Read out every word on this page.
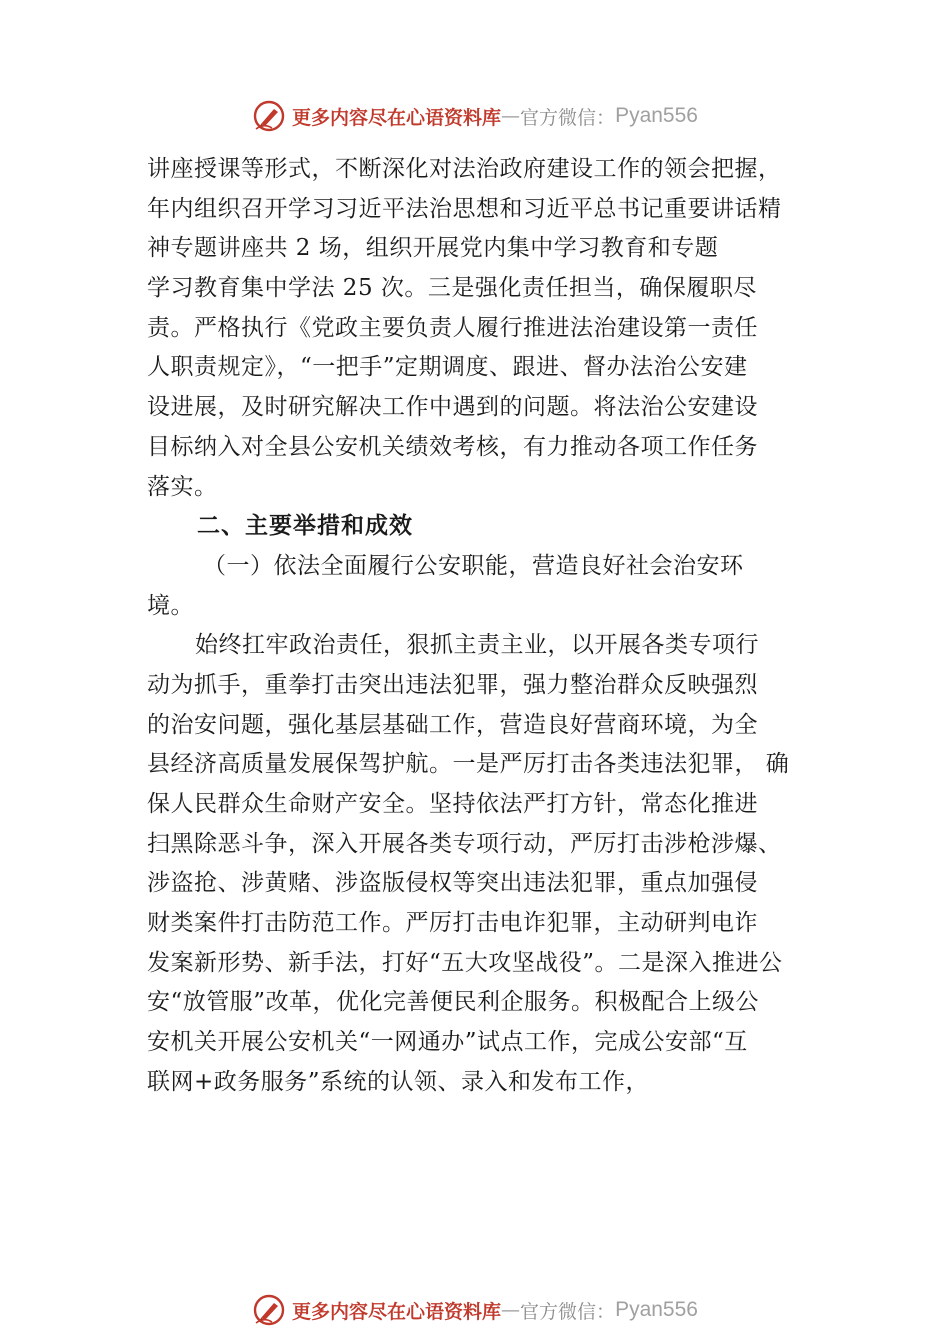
更多内容尽在心语资料库 — 官方微信： Pyan556
讲座授课等形式，不断深化对法治政府建设工作的领会把握，
年内组织召开学习习近平法治思想和习近平总书记重要讲话精
神专题讲座共 2 场，组织开展党内集中学习教育和专题
学习教育集中学法 25 次。三是强化责任担当，确保履职尽
责。严格执行《党政主要负责人履行推进法治建设第一责任
人职责规定》，“一把手”定期调度、跟进、督办法治公安建
设进展，及时研究解决工作中遇到的问题。将法治公安建设
目标纳入对全县公安机关绩效考核，有力推动各项工作任务
落实。
二、主要举措和成效
（一）依法全面履行公安职能，营造良好社会治安环
境。
始终扛牢政治责任，狠抓主责主业，以开展各类专项行
动为抓手，重拳打击突出违法犯罪，强力整治群众反映强烈
的治安问题，强化基层基础工作，营造良好营商环境，为全
县经济高质量发展保驾护航。一是严厉打击各类违法犯罪， 确
保人民群众生命财产安全。坚持依法严打方针，常态化推进
扫黑除恶斗争，深入开展各类专项行动，严厉打击涉枪涉爆、
涉盗抢、涉黄赌、涉盗版侵权等突出违法犯罪，重点加强侵
财类案件打击防范工作。严厉打击电诈犯罪，主动研判电诈
发案新形势、新手法，打好“五大攻坚战役”。二是深入推进公
安“放管服”改革，优化完善便民利企服务。积极配合上级公
安机关开展公安机关“一网通办”试点工作，完成公安部“互
联网+政务服务”系统的认领、录入和发布工作，
更多内容尽在心语资料库 — 官方微信： Pyan556
